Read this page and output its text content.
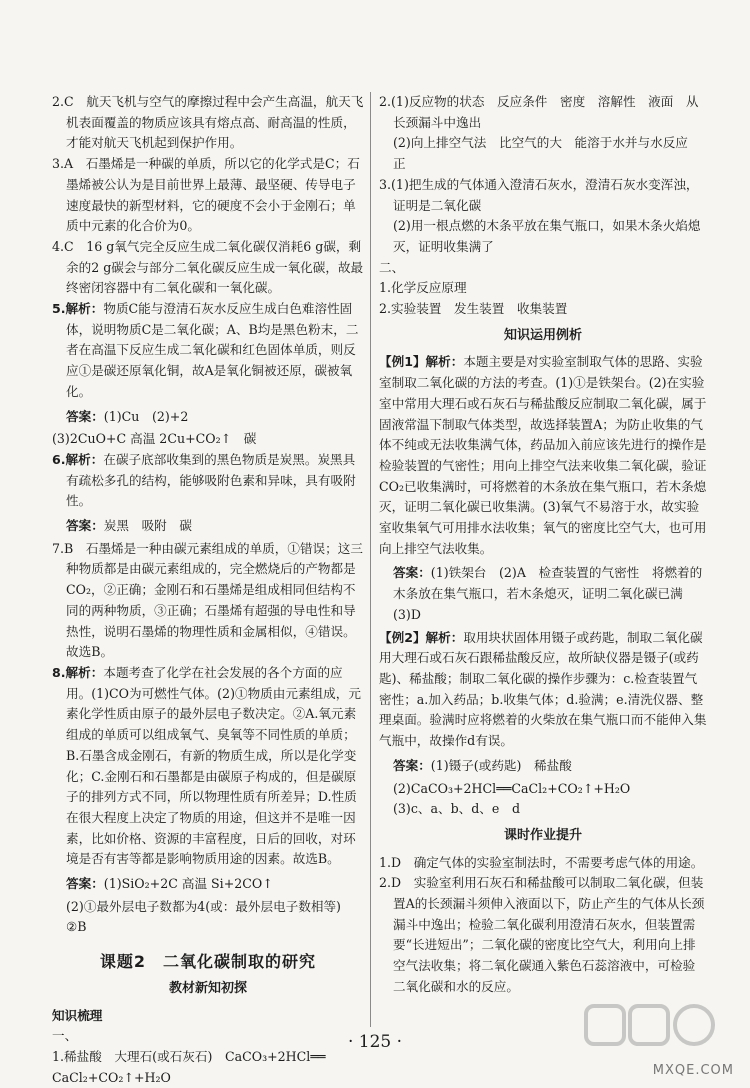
2.C　航天飞机与空气的摩擦过程中会产生高温，航天飞机表面覆盖的物质应该具有熔点高、耐高温的性质，才能对航天飞机起到保护作用。

3.A　石墨烯是一种碳的单质，所以它的化学式是C；石墨烯被公认为是目前世界上最薄、最坚硬、传导电子速度最快的新型材料，它的硬度不会小于金刚石；单质中元素的化合价为0。

4.C　16 g氧气完全反应生成二氧化碳仅消耗6 g碳，剩余的2 g碳会与部分二氧化碳反应生成一氧化碳，故最终密闭容器中有二氧化碳和一氧化碳。

5.解析：物质C能与澄清石灰水反应生成白色难溶性固体，说明物质C是二氧化碳；A、B均是黑色粉末，二者在高温下反应生成二氧化碳和红色固体单质，则反应①是碳还原氧化铜，故A是氧化铜被还原，碳被氧化。

答案：(1)Cu　(2)+2

(3)2CuO+C 高温 2Cu+CO₂↑　碳

6.解析：在碳子底部收集到的黑色物质是炭黑。炭黑具有疏松多孔的结构，能够吸附色素和异味，具有吸附性。

答案：炭黑　吸附　碳

7.B　石墨烯是一种由碳元素组成的单质，①错误；这三种物质都是由碳元素组成的，完全燃烧后的产物都是CO₂，②正确；金刚石和石墨烯是组成相同但结构不同的两种物质，③正确；石墨烯有超强的导电性和导热性，说明石墨烯的物理性质和金属相似，④错误。故选B。

8.解析：本题考查了化学在社会发展的各个方面的应用。(1)CO为可燃性气体。(2)①物质由元素组成，元素化学性质由原子的最外层电子数决定。②A.氧元素组成的单质可以组成氧气、臭氧等不同性质的单质；B.石墨含成金刚石，有新的物质生成，所以是化学变化；C.金刚石和石墨都是由碳原子构成的，但是碳原子的排列方式不同，所以物理性质有所差异；D.性质在很大程度上决定了物质的用途，但这并不是唯一因素，比如价格、资源的丰富程度，日后的回收，对环境是否有害等都是影响物质用途的因素。故选B。

答案：(1)SiO₂+2C 高温 Si+2CO↑

(2)①最外层电子数都为4(或：最外层电子数相等)

②B

课题2　二氧化碳制取的研究
教材新知初探

知识梳理

一、

1.稀盐酸　大理石(或石灰石)　CaCO₃+2HCl══

CaCl₂+CO₂↑+H₂O

2.(1)反应物的状态　反应条件　密度　溶解性　液面　从长颈漏斗中逸出

(2)向上排空气法　比空气的大　能溶于水并与水反应　正

3.(1)把生成的气体通入澄清石灰水，澄清石灰水变浑浊，证明是二氧化碳

(2)用一根点燃的木条平放在集气瓶口，如果木条火焰熄灭，证明收集满了

二、

1.化学反应原理

2.实验装置　发生装置　收集装置

知识运用例析

【例1】解析：本题主要是对实验室制取气体的思路、实验室制取二氧化碳的方法的考查。(1)①是铁架台。(2)在实验室中常用大理石或石灰石与稀盐酸反应制取二氧化碳，属于固液常温下制取气体类型，故选择装置A；为防止收集的气体不纯或无法收集满气体，药品加入前应该先进行的操作是检验装置的气密性；用向上排空气法来收集二氧化碳，验证CO₂已收集满时，可将燃着的木条放在集气瓶口，若木条熄灭，证明二氧化碳已收集满。(3)氧气不易溶于水，故实验室收集氧气可用排水法收集；氧气的密度比空气大，也可用向上排空气法收集。

答案：(1)铁架台　(2)A　检查装置的气密性　将燃着的木条放在集气瓶口，若木条熄灭，证明二氧化碳已满　(3)D

【例2】解析：取用块状固体用镊子或药匙，制取二氧化碳用大理石或石灰石跟稀盐酸反应，故所缺仪器是镊子(或药匙)、稀盐酸；制取二氧化碳的操作步骤为：c.检查装置气密性；a.加入药品；b.收集气体；d.验满；e.清洗仪器、整理桌面。验满时应将燃着的火柴放在集气瓶口而不能伸入集气瓶中，故操作d有误。

答案：(1)镊子(或药匙)　稀盐酸

(2)CaCO₃+2HCl══CaCl₂+CO₂↑+H₂O

(3)c、a、b、d、e　d

课时作业提升

1.D　确定气体的实验室制法时，不需要考虑气体的用途。

2.D　实验室利用石灰石和稀盐酸可以制取二氧化碳，但装置A的长颈漏斗须伸入液面以下，防止产生的气体从长颈漏斗中逸出；检验二氧化碳利用澄清石灰水，但装置需要“长进短出”；二氧化碳的密度比空气大，利用向上排空气法收集；将二氧化碳通入紫色石蕊溶液中，可检验二氧化碳和水的反应。

· 125 ·
MXQE.COM
